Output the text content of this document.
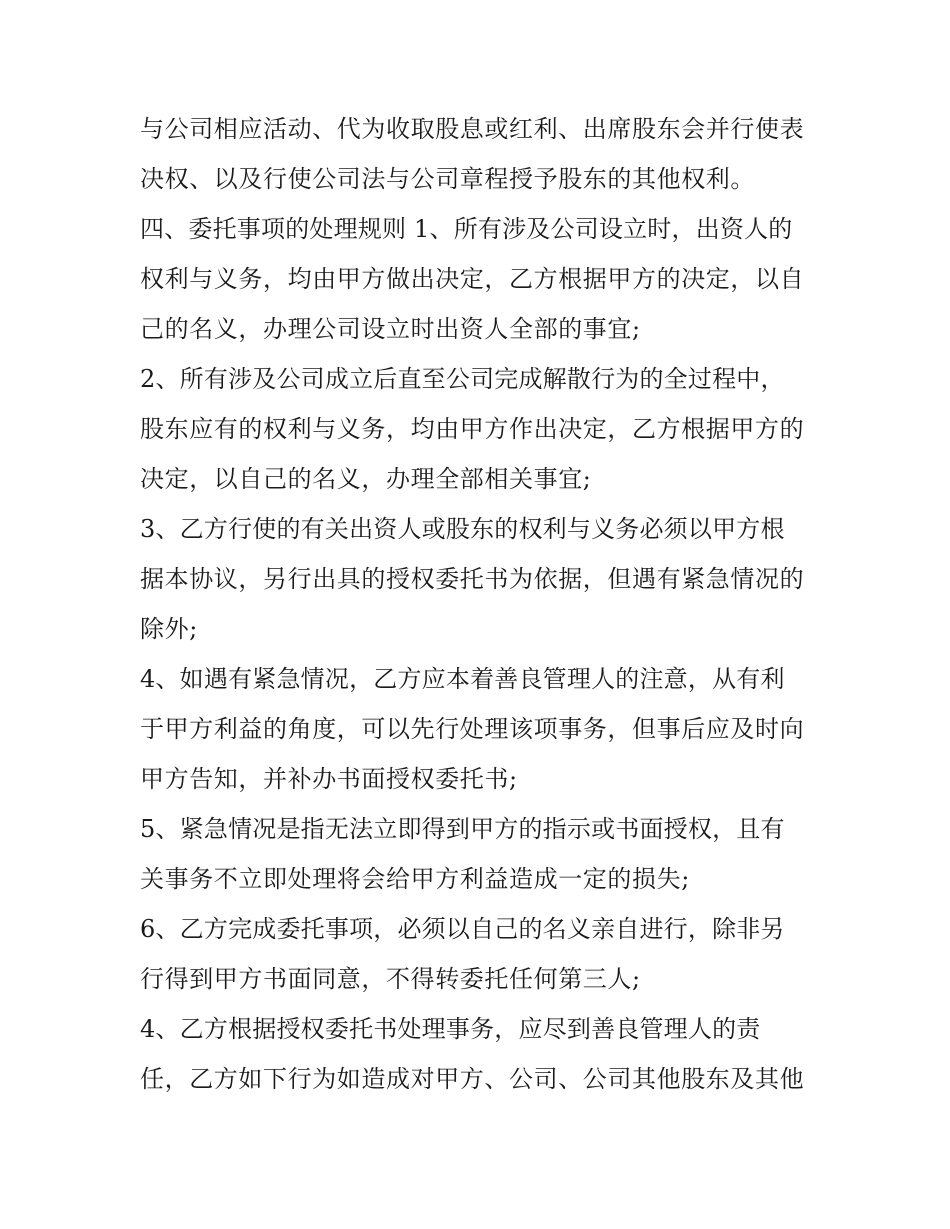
与公司相应活动、代为收取股息或红利、出席股东会并行使表
决权、以及行使公司法与公司章程授予股东的其他权利。
四、委托事项的处理规则 1、所有涉及公司设立时，出资人的
权利与义务，均由甲方做出决定，乙方根据甲方的决定，以自
己的名义，办理公司设立时出资人全部的事宜;
2、所有涉及公司成立后直至公司完成解散行为的全过程中，
股东应有的权利与义务，均由甲方作出决定，乙方根据甲方的
决定，以自己的名义，办理全部相关事宜;
3、乙方行使的有关出资人或股东的权利与义务必须以甲方根
据本协议，另行出具的授权委托书为依据，但遇有紧急情况的
除外;
4、如遇有紧急情况，乙方应本着善良管理人的注意，从有利
于甲方利益的角度，可以先行处理该项事务，但事后应及时向
甲方告知，并补办书面授权委托书;
5、紧急情况是指无法立即得到甲方的指示或书面授权，且有
关事务不立即处理将会给甲方利益造成一定的损失;
6、乙方完成委托事项，必须以自己的名义亲自进行，除非另
行得到甲方书面同意，不得转委托任何第三人;
4、乙方根据授权委托书处理事务，应尽到善良管理人的责
任，乙方如下行为如造成对甲方、公司、公司其他股东及其他
